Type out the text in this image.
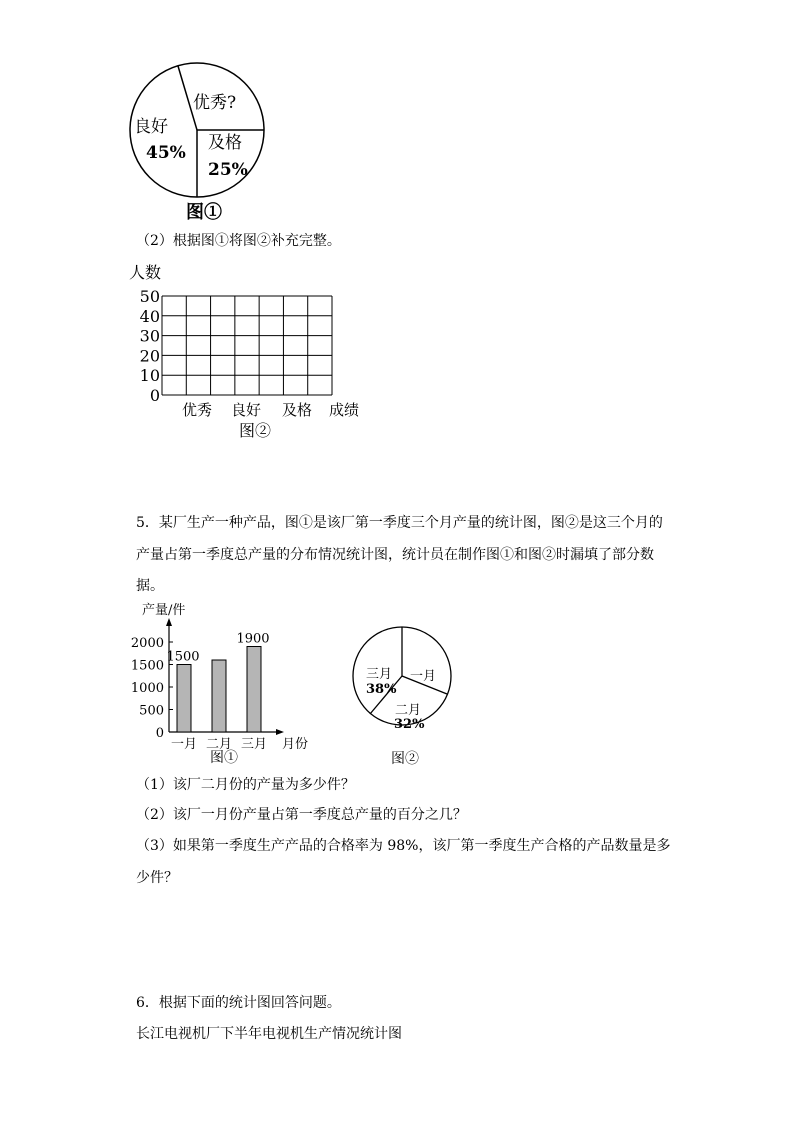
优秀?
良好
45% 及格
25%
图①
（2）根据图①将图②补充完整。
人数
0
10
20
30
40
50
优秀 良好 及格 成绩
图②
5．某厂生产一种产品，图①是该厂第一季度三个月产量的统计图，图②是这三个月的
产量占第一季度总产量的分布情况统计图，统计员在制作图①和图②时漏填了部分数
据。
产量/件
0
500
1000
1500
2000
1500
1900
一月 二月 三月 月份
图①
一月
二月
32%
三月
38%
图②
（1）该厂二月份的产量为多少件？
（2）该厂一月份产量占第一季度总产量的百分之几？
（3）如果第一季度生产产品的合格率为 98%，该厂第一季度生产合格的产品数量是多
少件？
6．根据下面的统计图回答问题。
长江电视机厂下半年电视机生产情况统计图
